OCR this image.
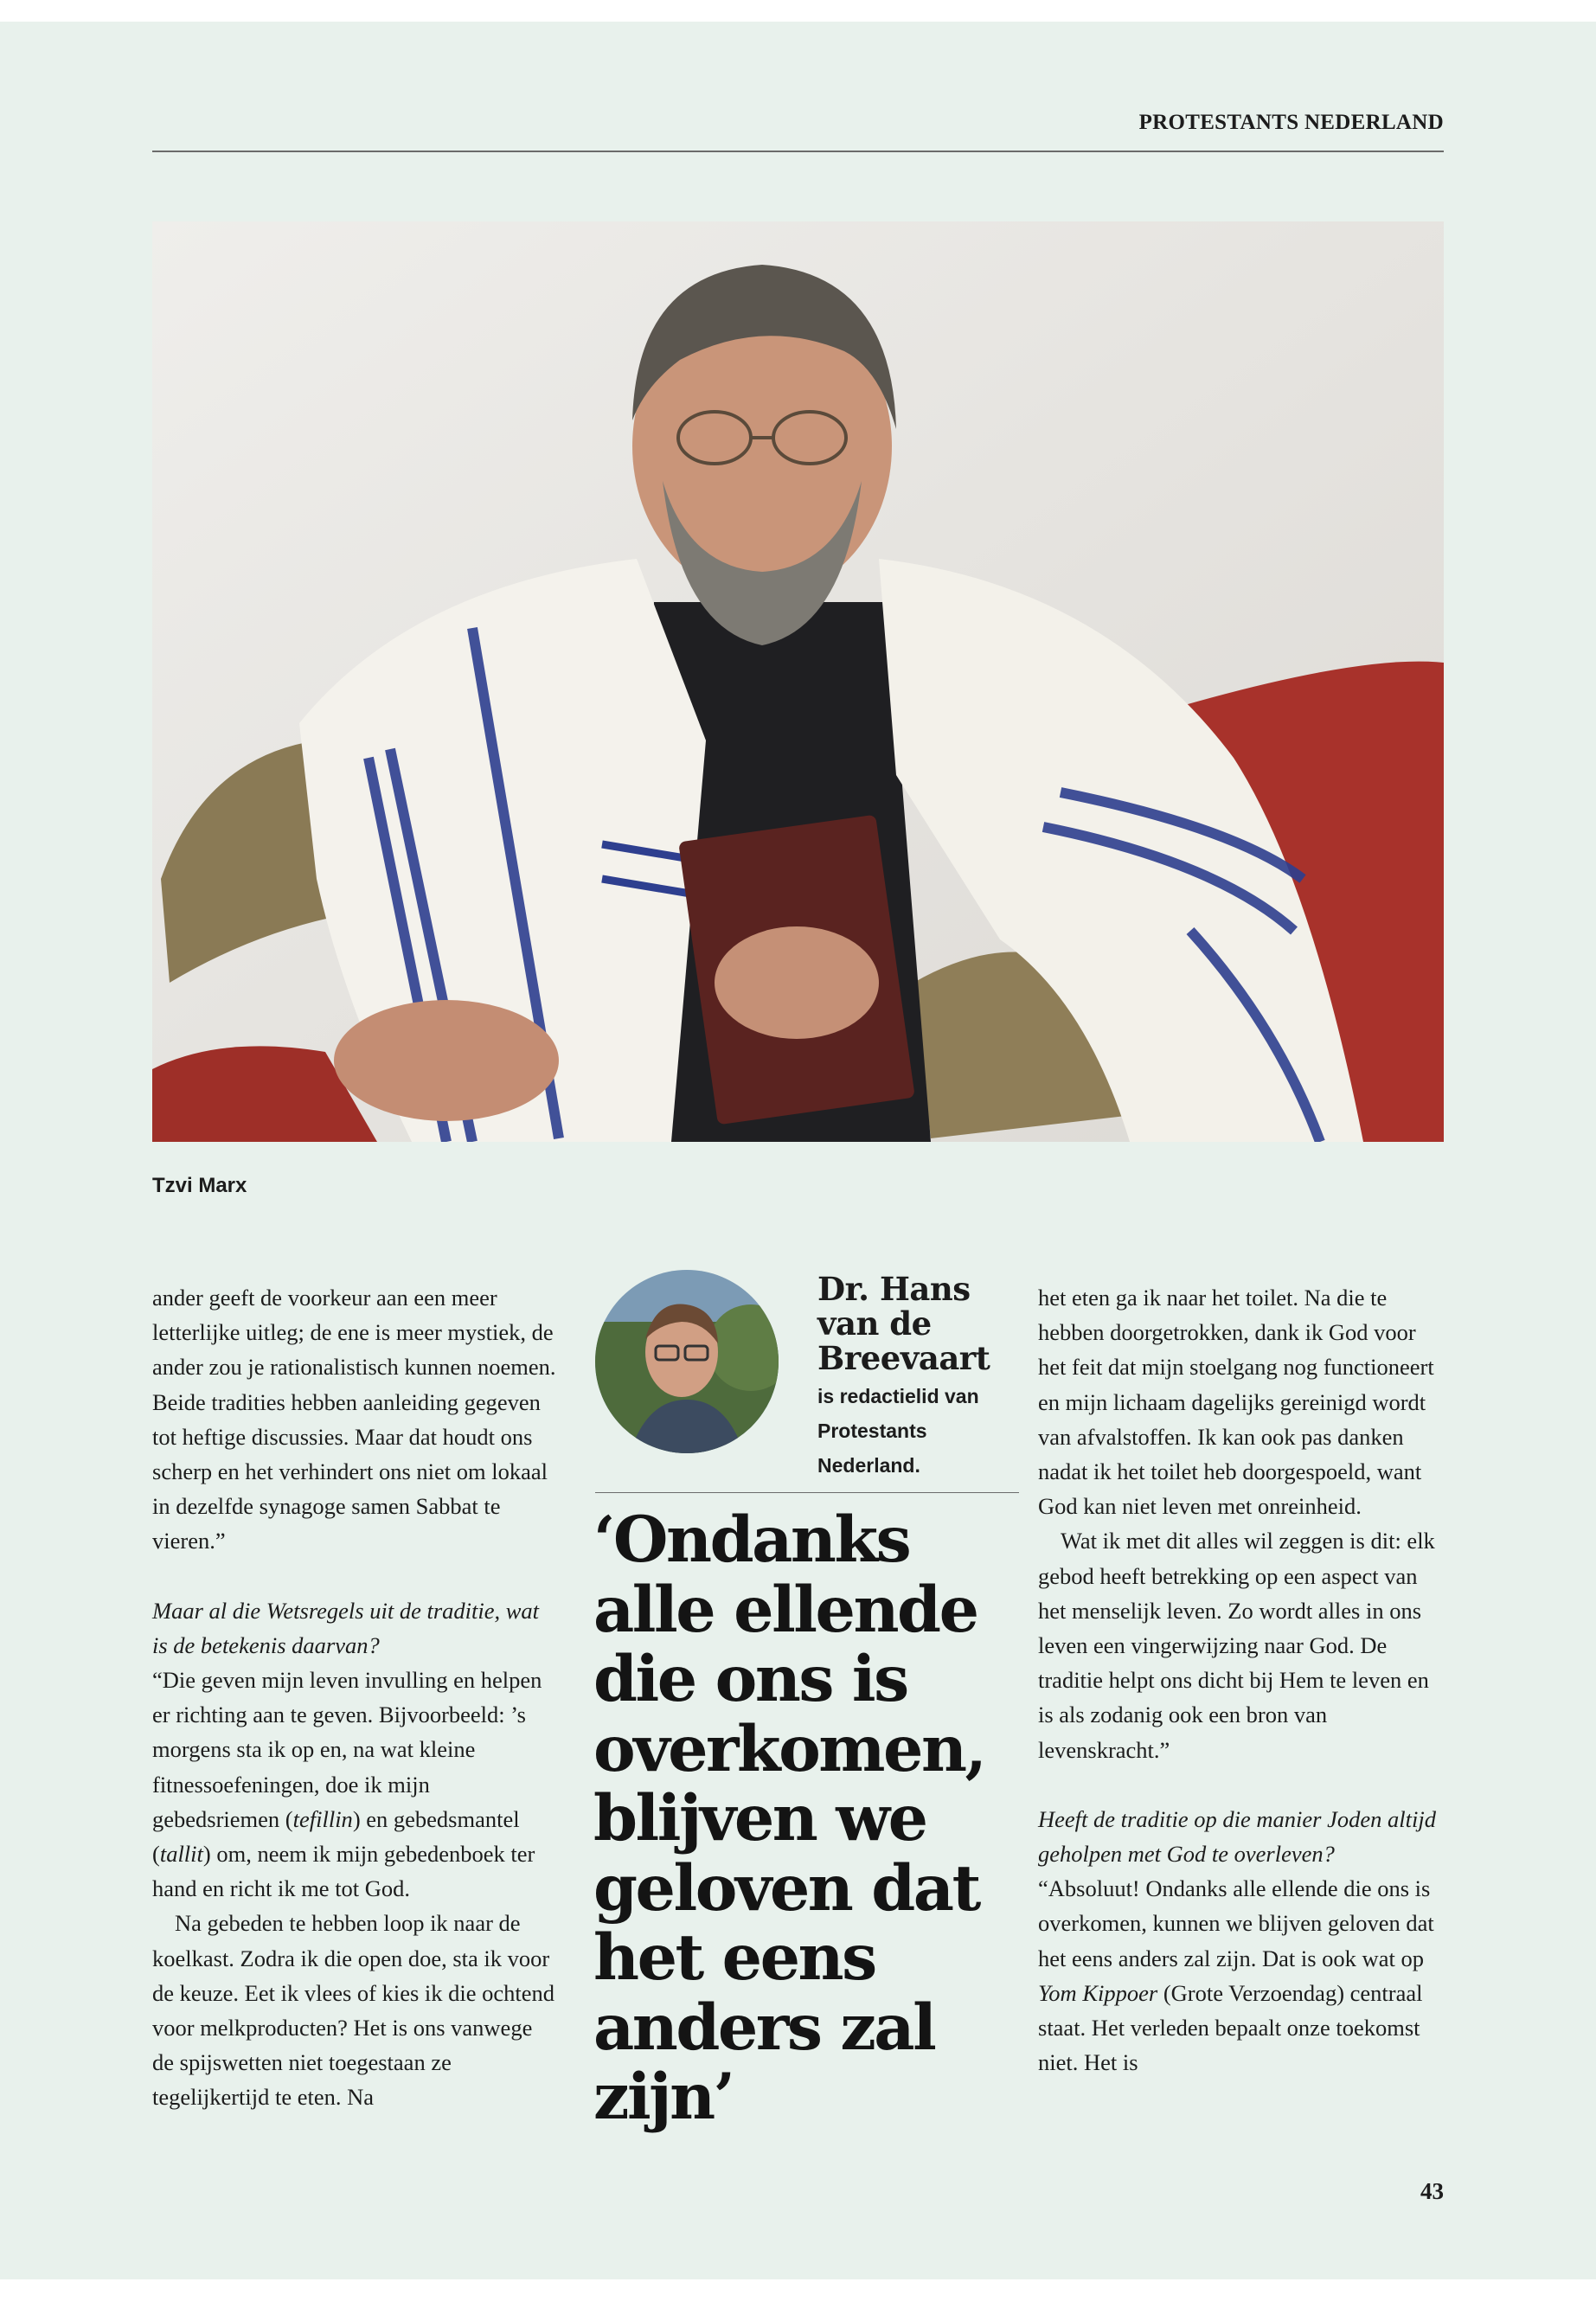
PROTESTANTS NEDERLAND
Tzvi Marx

ander geeft de voorkeur aan een meer letterlijke uitleg; de ene is meer mystiek, de ander zou je rationalistisch kunnen noemen. Beide tradities hebben aanleiding gegeven tot heftige discussies. Maar dat houdt ons scherp en het verhindert ons niet om lokaal in dezelfde synagoge samen Sabbat te vieren.”

Maar al die Wetsregels uit de traditie, wat is de betekenis daarvan?

“Die geven mijn leven invulling en helpen er richting aan te geven. Bijvoorbeeld: ’s morgens sta ik op en, na wat kleine fitnessoefeningen, doe ik mijn gebedsriemen (tefillin) en gebedsmantel (tallit) om, neem ik mijn gebedenboek ter hand en richt ik me tot God.

Na gebeden te hebben loop ik naar de koelkast. Zodra ik die open doe, sta ik voor de keuze. Eet ik vlees of kies ik die ochtend voor melkproducten? Het is ons vanwege de spijswetten niet toegestaan ze tegelijkertijd te eten. Na

Dr. Hans van de Breevaart
is redactielid van Protestants Nederland.
‘Ondanks alle ellende die ons is overkomen, blijven we geloven dat het eens anders zal zijn’

het eten ga ik naar het toilet. Na die te hebben doorgetrokken, dank ik God voor het feit dat mijn stoelgang nog functioneert en mijn lichaam dagelijks gereinigd wordt van afvalstoffen. Ik kan ook pas danken nadat ik het toilet heb doorgespoeld, want God kan niet leven met onreinheid.

Wat ik met dit alles wil zeggen is dit: elk gebod heeft betrekking op een aspect van het menselijk leven. Zo wordt alles in ons leven een vingerwijzing naar God. De traditie helpt ons dicht bij Hem te leven en is als zodanig ook een bron van levenskracht.”

Heeft de traditie op die manier Joden altijd geholpen met God te overleven?

“Absoluut! Ondanks alle ellende die ons is overkomen, kunnen we blijven geloven dat het eens anders zal zijn. Dat is ook wat op Yom Kippoer (Grote Verzoendag) centraal staat. Het verleden bepaalt onze toekomst niet. Het is

43
